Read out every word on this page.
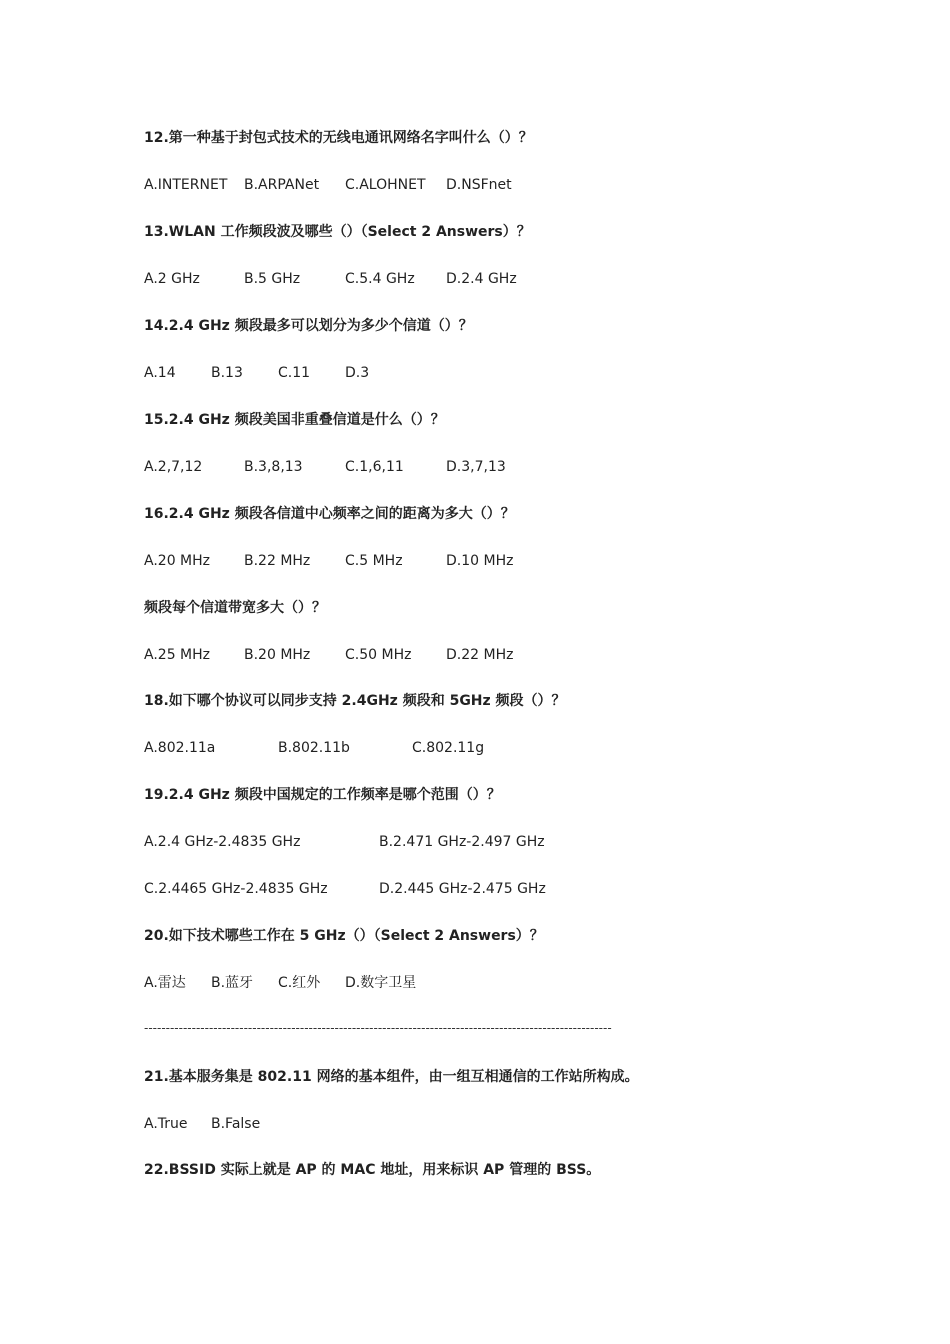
12.第一种基于封包式技术的无线电通讯网络名字叫什么（）？
A.INTERNET B.ARPANet C.ALOHNET D.NSFnet
13.WLAN 工作频段波及哪些（）（Select 2 Answers）？
A.2 GHz	B.5 GHz	C.5.4 GHz D.2.4 GHz
14.2.4 GHz 频段最多可以划分为多少个信道（）？
A.14	B.13	C.11 D.3
15.2.4 GHz 频段美国非重叠信道是什么（）？
A.2,7,12	B.3,8,13	C.1,6,11	D.3,7,13
16.2.4 GHz 频段各信道中心频率之间的距离为多大（）？
A.20 MHz B.22 MHz C.5 MHz	D.10 MHz
频段每个信道带宽多大（）？
A.25 MHz B.20 MHz C.50 MHz D.22 MHz
18.如下哪个协议可以同步支持 2.4GHz 频段和 5GHz 频段（）？
A.802.11a	B.802.11b	C.802.11g
19.2.4 GHz 频段中国规定的工作频率是哪个范围（）？
A.2.4 GHz-2.4835 GHz	B.2.471 GHz-2.497 GHz
C.2.4465 GHz-2.4835 GHz	D.2.445 GHz-2.475 GHz
20.如下技术哪些工作在 5 GHz（）（Select 2 Answers）？
A.雷达 B.蓝牙 C.红外 D.数字卫星
------------------------------------------------------------------------------------------------------------
21.基本服务集是 802.11 网络的基本组件，由一组互相通信的工作站所构成。
A.True B.False
22.BSSID 实际上就是 AP 的 MAC 地址，用来标识 AP 管理的 BSS。
